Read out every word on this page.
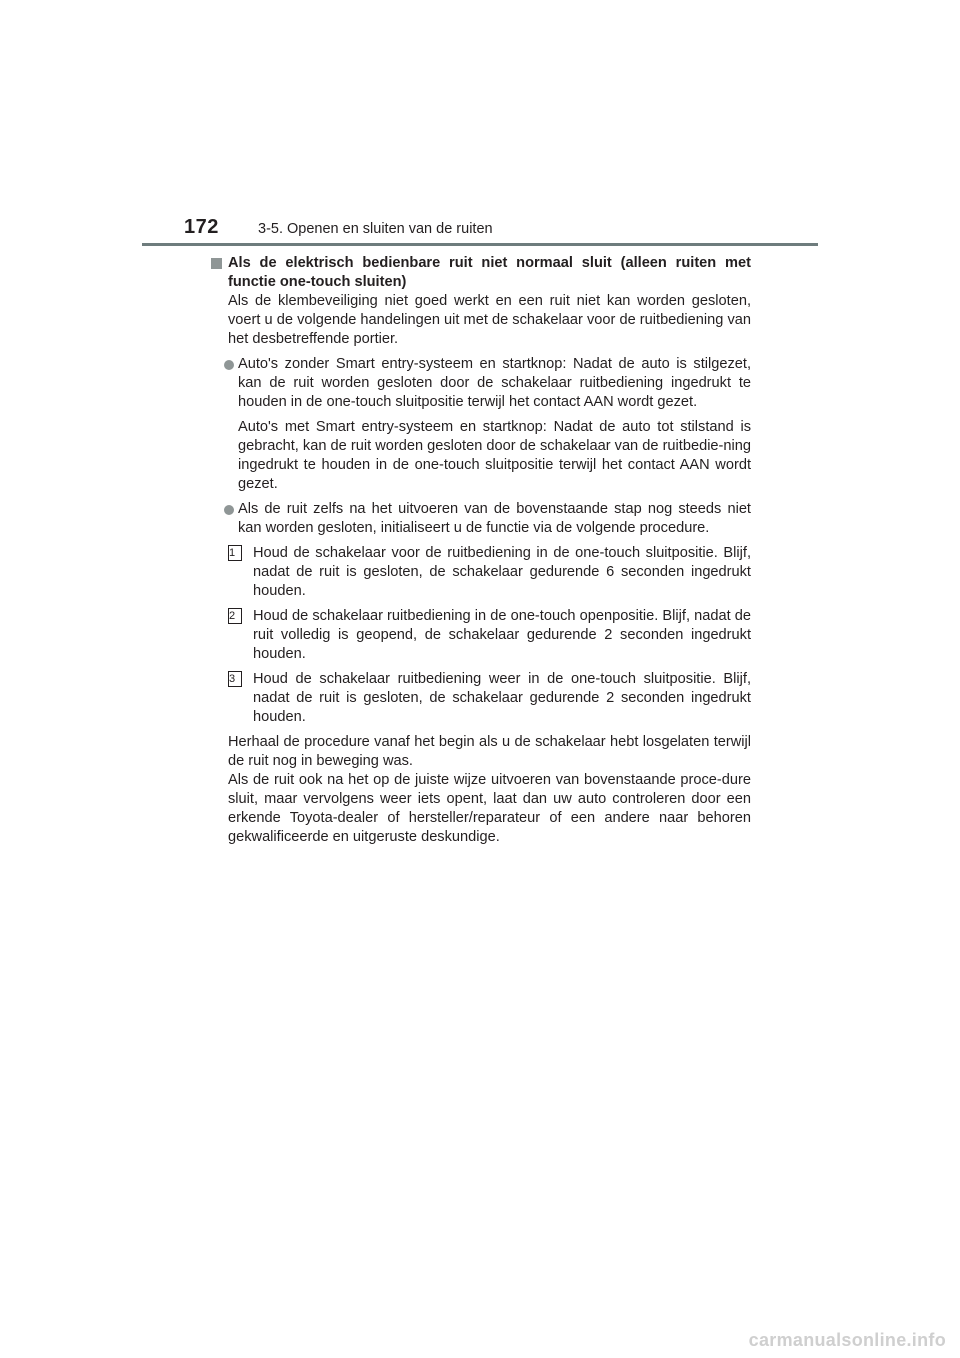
172	3-5. Openen en sluiten van de ruiten

Als de elektrisch bedienbare ruit niet normaal sluit (alleen ruiten met functie one-touch sluiten)

Als de klembeveiliging niet goed werkt en een ruit niet kan worden gesloten, voert u de volgende handelingen uit met de schakelaar voor de ruitbediening van het desbetreffende portier.

Auto's zonder Smart entry-systeem en startknop: Nadat de auto is stilgezet, kan de ruit worden gesloten door de schakelaar ruitbediening ingedrukt te houden in de one-touch sluitpositie terwijl het contact AAN wordt gezet.

Auto's met Smart entry-systeem en startknop: Nadat de auto tot stilstand is gebracht, kan de ruit worden gesloten door de schakelaar van de ruitbedie-ning ingedrukt te houden in de one-touch sluitpositie terwijl het contact AAN wordt gezet.

Als de ruit zelfs na het uitvoeren van de bovenstaande stap nog steeds niet kan worden gesloten, initialiseert u de functie via de volgende procedure.

1	Houd de schakelaar voor de ruitbediening in de one-touch sluitpositie. Blijf, nadat de ruit is gesloten, de schakelaar gedurende 6 seconden ingedrukt houden.

2	Houd de schakelaar ruitbediening in de one-touch openpositie. Blijf, nadat de ruit volledig is geopend, de schakelaar gedurende 2 seconden ingedrukt houden.

3	Houd de schakelaar ruitbediening weer in de one-touch sluitpositie. Blijf, nadat de ruit is gesloten, de schakelaar gedurende 2 seconden ingedrukt houden.

Herhaal de procedure vanaf het begin als u de schakelaar hebt losgelaten terwijl de ruit nog in beweging was.

Als de ruit ook na het op de juiste wijze uitvoeren van bovenstaande proce-dure sluit, maar vervolgens weer iets opent, laat dan uw auto controleren door een erkende Toyota-dealer of hersteller/reparateur of een andere naar behoren gekwalificeerde en uitgeruste deskundige.

carmanualsonline.info
